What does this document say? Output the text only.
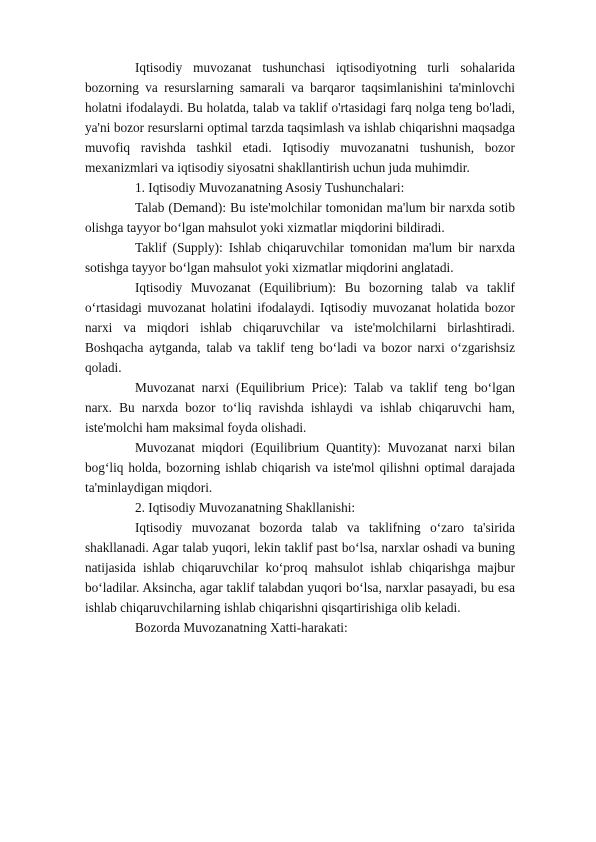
Iqtisodiy muvozanat tushunchasi iqtisodiyotning turli sohalarida bozorning va resurslarning samarali va barqaror taqsimlanishini ta'minlovchi holatni ifodalaydi. Bu holatda, talab va taklif o'rtasidagi farq nolga teng bo'ladi, ya'ni bozor resurslarni optimal tarzda taqsimlash va ishlab chiqarishni maqsadga muvofiq ravishda tashkil etadi. Iqtisodiy muvozanatni tushunish, bozor mexanizmlari va iqtisodiy siyosatni shakllantirish uchun juda muhimdir.

1. Iqtisodiy Muvozanatning Asosiy Tushunchalari:

Talab (Demand): Bu iste'molchilar tomonidan ma'lum bir narxda sotib olishga tayyor bo‘lgan mahsulot yoki xizmatlar miqdorini bildiradi.

Taklif (Supply): Ishlab chiqaruvchilar tomonidan ma'lum bir narxda sotishga tayyor bo‘lgan mahsulot yoki xizmatlar miqdorini anglatadi.

Iqtisodiy Muvozanat (Equilibrium): Bu bozorning talab va taklif o‘rtasidagi muvozanat holatini ifodalaydi. Iqtisodiy muvozanat holatida bozor narxi va miqdori ishlab chiqaruvchilar va iste'molchilarni birlashtiradi. Boshqacha aytganda, talab va taklif teng bo‘ladi va bozor narxi o‘zgarishsiz qoladi.

Muvozanat narxi (Equilibrium Price): Talab va taklif teng bo‘lgan narx. Bu narxda bozor to‘liq ravishda ishlaydi va ishlab chiqaruvchi ham, iste'molchi ham maksimal foyda olishadi.

Muvozanat miqdori (Equilibrium Quantity): Muvozanat narxi bilan bog‘liq holda, bozorning ishlab chiqarish va iste'mol qilishni optimal darajada ta'minlaydigan miqdori.

2. Iqtisodiy Muvozanatning Shakllanishi:

Iqtisodiy muvozanat bozorda talab va taklifning o‘zaro ta'sirida shakllanadi. Agar talab yuqori, lekin taklif past bo‘lsa, narxlar oshadi va buning natijasida ishlab chiqaruvchilar ko‘proq mahsulot ishlab chiqarishga majbur bo‘ladilar. Aksincha, agar taklif talabdan yuqori bo‘lsa, narxlar pasayadi, bu esa ishlab chiqaruvchilarning ishlab chiqarishni qisqartirishiga olib keladi.

Bozorda Muvozanatning Xatti-harakati:
